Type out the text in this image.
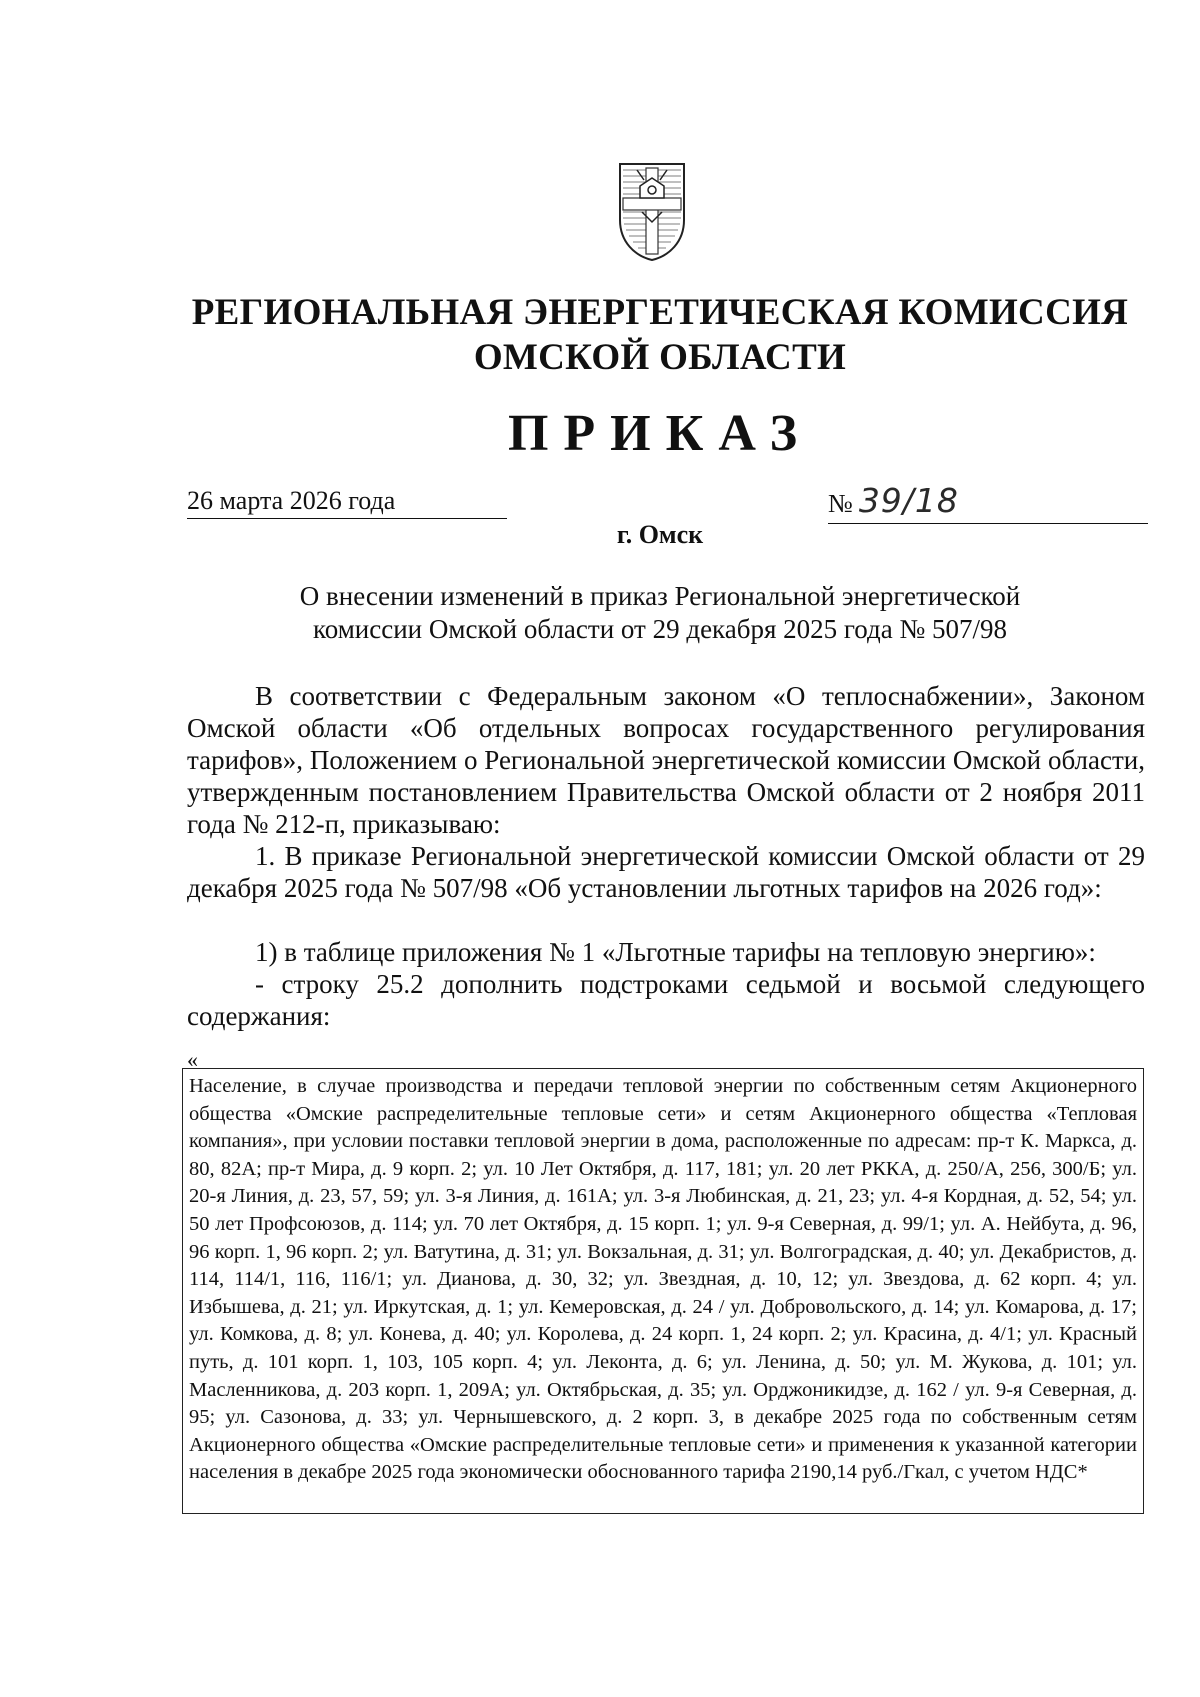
РЕГИОНАЛЬНАЯ ЭНЕРГЕТИЧЕСКАЯ КОМИССИЯ
ОМСКОЙ ОБЛАСТИ
ПРИКАЗ
26 марта 2026 года	№ 39/18
г. Омск
О внесении изменений в приказ Региональной энергетической
комиссии Омской области от 29 декабря 2025 года № 507/98

В соответствии с Федеральным законом «О теплоснабжении», Законом Омской области «Об отдельных вопросах государственного регулирования тарифов», Положением о Региональной энергетической комиссии Омской области, утвержденным постановлением Правительства Омской области от 2 ноября 2011 года № 212-п, приказываю:

1. В приказе Региональной энергетической комиссии Омской области от 29 декабря 2025 года № 507/98 «Об установлении льготных тарифов на 2026 год»:

1) в таблице приложения № 1 «Льготные тарифы на тепловую энергию»:

- строку 25.2 дополнить подстроками седьмой и восьмой следующего содержания:

«

Население, в случае производства и передачи тепловой энергии по собственным сетям Акционерного общества «Омские распределительные тепловые сети» и сетям Акционерного общества «Тепловая компания», при условии поставки тепловой энергии в дома, расположенные по адресам: пр-т К. Маркса, д. 80, 82А; пр-т Мира, д. 9 корп. 2; ул. 10 Лет Октября, д. 117, 181; ул. 20 лет РККА, д. 250/А, 256, 300/Б; ул. 20-я Линия, д. 23, 57, 59; ул. 3-я Линия, д. 161А; ул. 3-я Любинская, д. 21, 23; ул. 4-я Кордная, д. 52, 54; ул. 50 лет Профсоюзов, д. 114; ул. 70 лет Октября, д. 15 корп. 1; ул. 9-я Северная, д. 99/1; ул. А. Нейбута, д. 96, 96 корп. 1, 96 корп. 2; ул. Ватутина, д. 31; ул. Вокзальная, д. 31; ул. Волгоградская, д. 40; ул. Декабристов, д. 114, 114/1, 116, 116/1; ул. Дианова, д. 30, 32; ул. Звездная, д. 10, 12; ул. Звездова, д. 62 корп. 4; ул. Избышева, д. 21; ул. Иркутская, д. 1; ул. Кемеровская, д. 24 / ул. Добровольского, д. 14; ул. Комарова, д. 17; ул. Комкова, д. 8; ул. Конева, д. 40; ул. Королева, д. 24 корп. 1, 24 корп. 2; ул. Красина, д. 4/1; ул. Красный путь, д. 101 корп. 1, 103, 105 корп. 4; ул. Леконта, д. 6; ул. Ленина, д. 50; ул. М. Жукова, д. 101; ул. Масленникова, д. 203 корп. 1, 209А; ул. Октябрьская, д. 35; ул. Орджоникидзе, д. 162 / ул. 9-я Северная, д. 95; ул. Сазонова, д. 33; ул. Чернышевского, д. 2 корп. 3, в декабре 2025 года по собственным сетям Акционерного общества «Омские распределительные тепловые сети» и применения к указанной категории населения в декабре 2025 года экономически обоснованного тарифа 2190,14 руб./Гкал, с учетом НДС*
